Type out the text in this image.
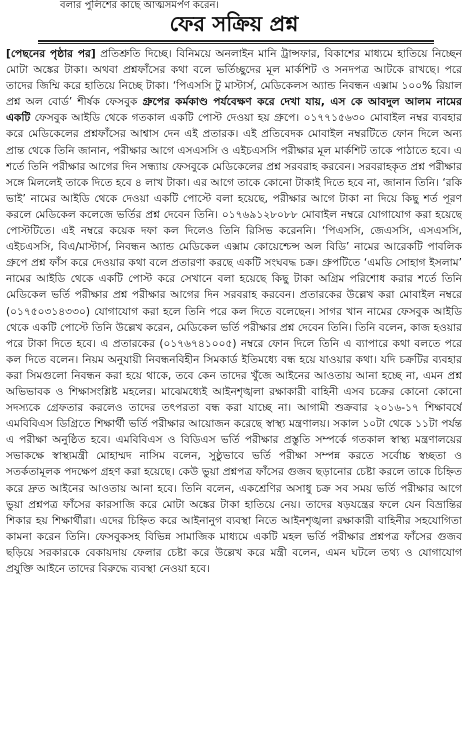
বলার পুলিশের কাছে আত্মসমর্পণ করেন।
ফের সক্রিয় প্রশ্ন

[পেছনের পৃষ্ঠার পর] প্রতিশ্রুতি দিচ্ছে। বিনিময়ে অনলাইন মানি ট্রান্সফার, বিকাশের মাধ্যমে হাতিয়ে নিচ্ছেন মোটা অঙ্কের টাকা। অথবা প্রশ্নফাঁসের কথা বলে ভর্তিচ্ছুদের মূল মার্কশিট ও সনদপত্র আটকে রাখছে। পরে তাদের জিম্মি করে হাতিয়ে নিচ্ছে টাকা। ‘পিএসসি টু মাস্টার্স, মেডিকেলস অ্যান্ড নিবন্ধন এক্সাম ১০০% রিয়াল প্রশ্ন অল বোর্ড’ শীর্ষক ফেসবুক গ্রুপের কর্মকাণ্ড পর্যবেক্ষণ করে দেখা যায়, এস কে আবদুল আলম নামের একটি ফেসবুক আইডি থেকে গতকাল একটি পোস্ট দেওয়া হয় গ্রুপে। ০১৭৭১৫৬৩০ মোবাইল নম্বর ব্যবহার করে মেডিকেলের প্রশ্নফাঁসের আশ্বাস দেন এই প্রতারক। এই প্রতিবেদক মোবাইল নম্বরটিতে ফোন দিলে অন্য প্রান্ত থেকে তিনি জানান, পরীক্ষার আগে এসএসসি ও এইচএসসি পরীক্ষার মূল মার্কশিট তাকে পাঠাতে হবে। এ শর্তে তিনি পরীক্ষার আগের দিন সন্ধ্যায় ফেসবুকে মেডিকেলের প্রশ্ন সরবরাহ করবেন। সরবরাহকৃত প্রশ্ন পরীক্ষার সঙ্গে মিললেই তাকে দিতে হবে ৪ লাখ টাকা। এর আগে তাকে কোনো টাকাই দিতে হবে না, জানান তিনি। ‘রকি ভাই’ নামের আইডি থেকে দেওয়া একটি পোস্টে বলা হয়েছে, পরীক্ষার আগে টাকা না দিয়ে কিছু শর্ত পূরণ করলে মেডিকেল কলেজে ভর্তির প্রশ্ন দেবেন তিনি। ০১৭৬৯১২৮০৮৮ মোবাইল নম্বরে যোগাযোগ করা হয়েছে পোস্টটিতে। এই নম্বরে কয়েক দফা কল দিলেও তিনি রিসিভ করেননি। ‘পিএসসি, জেএসসি, এসএসসি, এইচএসসি, বিএ/মাস্টার্স, নিবন্ধন অ্যান্ড মেডিকেল এক্সাম কোয়েশ্চেন্স অল বিডি’ নামের আরেকটি পাবলিক গ্রুপে প্রশ্ন ফাঁস করে দেওয়ার কথা বলে প্রতারণা করছে একটি সংঘবদ্ধ চক্র। গ্রুপটিতে ‘এমডি সোহাগ ইসলাম’ নামের আইডি থেকে একটি পোস্ট করে সেখানে বলা হয়েছে কিছু টাকা অগ্রিম পরিশোধ করার শর্তে তিনি মেডিকেল ভর্তি পরীক্ষার প্রশ্ন পরীক্ষার আগের দিন সরবরাহ করবেন। প্রতারকের উল্লেখ করা মোবাইল নম্বরে (০১৭৫০৩১৪৩৩০) যোগাযোগ করা হলে তিনি পরে কল দিতে বলেছেন। সাগর খান নামের ফেসবুক আইডি থেকে একটি পোস্টে তিনি উল্লেখ করেন, মেডিকেল ভর্তি পরীক্ষার প্রশ্ন দেবেন তিনি। তিনি বলেন, কাজ হওয়ার পরে টাকা দিতে হবে। এ প্রতারকের (০১৭৬৭৪১০০৫) নম্বরে ফোন দিলে তিনি এ ব্যাপারে কথা বলতে পরে কল দিতে বলেন। নিয়ম অনুযায়ী নিবন্ধনবিহীন সিমকার্ড ইতিমধ্যে বন্ধ হয়ে যাওয়ার কথা। যদি চক্রটির ব্যবহার করা সিমগুলো নিবন্ধন করা হয়ে থাকে, তবে কেন তাদের খুঁজে আইনের আওতায় আনা হচ্ছে না, এমন প্রশ্ন অভিভাবক ও শিক্ষাসংশ্লিষ্ট মহলের। মাঝেমধ্যেই আইনশৃঙ্খলা রক্ষাকারী বাহিনী এসব চক্রের কোনো কোনো সদস্যকে গ্রেফতার করলেও তাদের তৎপরতা বন্ধ করা যাচ্ছে না। আগামী শুক্রবার ২০১৬-১৭ শিক্ষাবর্ষে এমবিবিএস ডিগ্রিতে শিক্ষার্থী ভর্তি পরীক্ষার আয়োজন করেছে স্বাস্থ্য মন্ত্রণালয়। সকাল ১০টা থেকে ১১টা পর্যন্ত এ পরীক্ষা অনুষ্ঠিত হবে। এমবিবিএস ও বিডিএস ভর্তি পরীক্ষার প্রস্তুতি সম্পর্কে গতকাল স্বাস্থ্য মন্ত্রণালয়ের সভাকক্ষে স্বাস্থ্যমন্ত্রী মোহাম্মদ নাসিম বলেন, সুষ্ঠুভাবে ভর্তি পরীক্ষা সম্পন্ন করতে সর্বোচ্চ স্বচ্ছতা ও সতর্কতামূলক পদক্ষেপ গ্রহণ করা হয়েছে। কেউ ভুয়া প্রশ্নপত্র ফাঁসের গুজব ছড়ানোর চেষ্টা করলে তাকে চিহ্নিত করে দ্রুত আইনের আওতায় আনা হবে। তিনি বলেন, একশ্রেণির অসাধু চক্র সব সময় ভর্তি পরীক্ষার আগে ভুয়া প্রশ্নপত্র ফাঁসের কারসাজি করে মোটা অঙ্কের টাকা হাতিয়ে নেয়। তাদের ষড়যন্ত্রের ফলে যেন বিভ্রান্তির শিকার হয় শিক্ষার্থীরা। এদের চিহ্নিত করে আইনানুগ ব্যবস্থা নিতে আইনশৃঙ্খলা রক্ষাকারী বাহিনীর সহযোগিতা কামনা করেন তিনি। ফেসবুকসহ বিভিন্ন সামাজিক মাধ্যমে একটি মহল ভর্তি পরীক্ষার প্রশ্নপত্র ফাঁসের গুজব ছড়িয়ে সরকারকে বেকায়দায় ফেলার চেষ্টা করে উল্লেখ করে মন্ত্রী বলেন, এমন ঘটলে তথ্য ও যোগাযোগ প্রযুক্তি আইনে তাদের বিরুদ্ধে ব্যবস্থা নেওয়া হবে।
